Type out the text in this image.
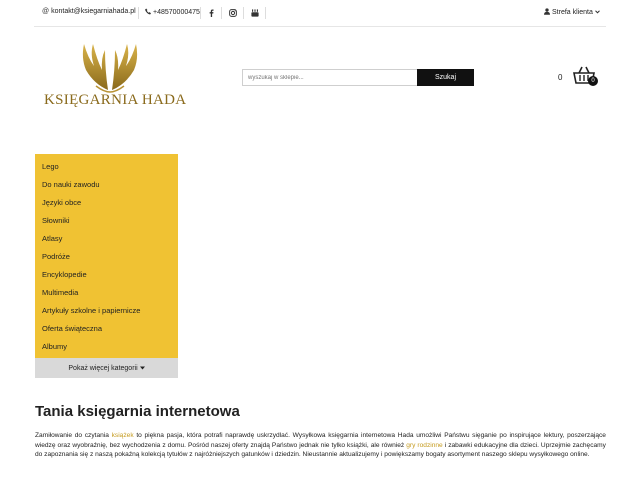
@ kontakt@ksiegarniahada.pl +48570000475	Strefa klienta
KSIĘGARNIA HADA
wyszukaj w sklepie...
Szukaj	0	0
Lego
Do nauki zawodu
Języki obce
Słowniki
Atlasy
Podróże
Encyklopedie
Multimedia
Artykuły szkolne i papiernicze
Oferta świąteczna
Albumy
Pokaż więcej kategorii
Tania księgarnia internetowa

Zamiłowanie do czytania książek to piękna pasja, która potrafi naprawdę uskrzydlać. Wysyłkowa księgarnia internetowa Hada umożliwi Państwu sięganie po inspirujące lektury, poszerzające wiedzę oraz wyobraźnię, bez wychodzenia z domu. Pośród naszej oferty znajdą Państwo jednak nie tylko książki, ale również gry rodzinne i zabawki edukacyjne dla dzieci. Uprzejmie zachęcamy do zapoznania się z naszą pokaźną kolekcją tytułów z najróżniejszych gatunków i dziedzin. Nieustannie aktualizujemy i powiększamy bogaty asortyment naszego sklepu wysyłkowego online.
